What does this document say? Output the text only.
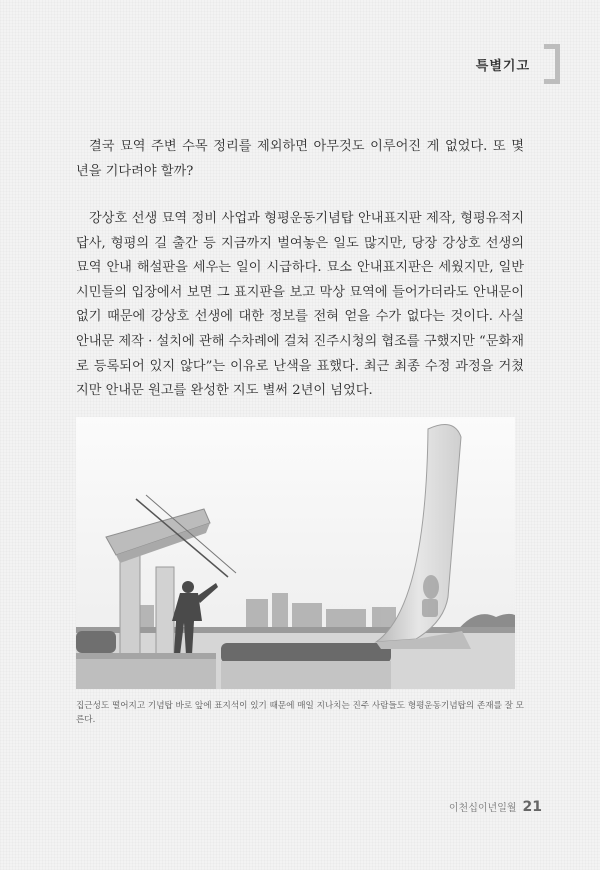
특별기고

결국 묘역 주변 수목 정리를 제외하면 아무것도 이루어진 게 없었다. 또 몇 년을 기다려야 할까?

강상호 선생 묘역 정비 사업과 형평운동기념탑 안내표지판 제작, 형평유적지 답사, 형평의 길 출간 등 지금까지 벌여놓은 일도 많지만, 당장 강상호 선생의 묘역 안내 해설판을 세우는 일이 시급하다. 묘소 안내표지판은 세웠지만, 일반 시민들의 입장에서 보면 그 표지판을 보고 막상 묘역에 들어가더라도 안내문이 없기 때문에 강상호 선생에 대한 정보를 전혀 얻을 수가 없다는 것이다. 사실 안내문 제작 · 설치에 관해 수차례에 걸쳐 진주시청의 협조를 구했지만 “문화재로 등록되어 있지 않다”는 이유로 난색을 표했다. 최근 최종 수정 과정을 거쳤지만 안내문 원고를 완성한 지도 별써 2년이 넘었다.

집근성도 떨어지고 기념탑 바로 앞에 표지석이 있기 때문에 매일 지나치는 진주 사람들도 형평운동기념탑의 존재를 잘 모른다.

이천십이년일월 21
